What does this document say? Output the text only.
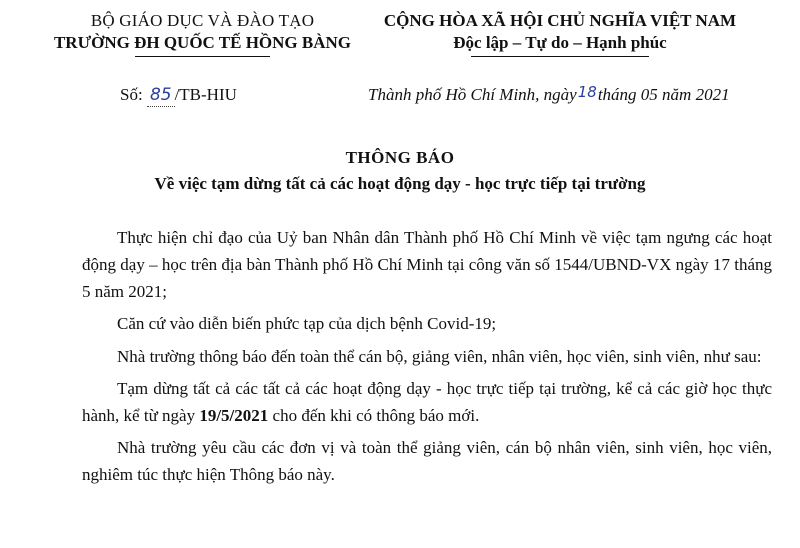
BỘ GIÁO DỤC VÀ ĐÀO TẠO
TRƯỜNG ĐH QUỐC TẾ HỒNG BÀNG
CỘNG HÒA XÃ HỘI CHỦ NGHĨA VIỆT NAM
Độc lập – Tự do – Hạnh phúc
Số: 85 /TB-HIU	Thành phố Hồ Chí Minh, ngày18tháng 05 năm 2021
THÔNG BÁO
Về việc tạm dừng tất cả các hoạt động dạy - học trực tiếp tại trường

Thực hiện chỉ đạo của Uỷ ban Nhân dân Thành phố Hồ Chí Minh về việc tạm ngưng các hoạt động dạy – học trên địa bàn Thành phố Hồ Chí Minh tại công văn số 1544/UBND-VX ngày 17 tháng 5 năm 2021;

Căn cứ vào diễn biến phức tạp của dịch bệnh Covid-19;

Nhà trường thông báo đến toàn thể cán bộ, giảng viên, nhân viên, học viên, sinh viên, như sau:

Tạm dừng tất cả các tất cả các hoạt động dạy - học trực tiếp tại trường, kể cả các giờ học thực hành, kể từ ngày 19/5/2021 cho đến khi có thông báo mới.

Nhà trường yêu cầu các đơn vị và toàn thể giảng viên, cán bộ nhân viên, sinh viên, học viên, nghiêm túc thực hiện Thông báo này.
